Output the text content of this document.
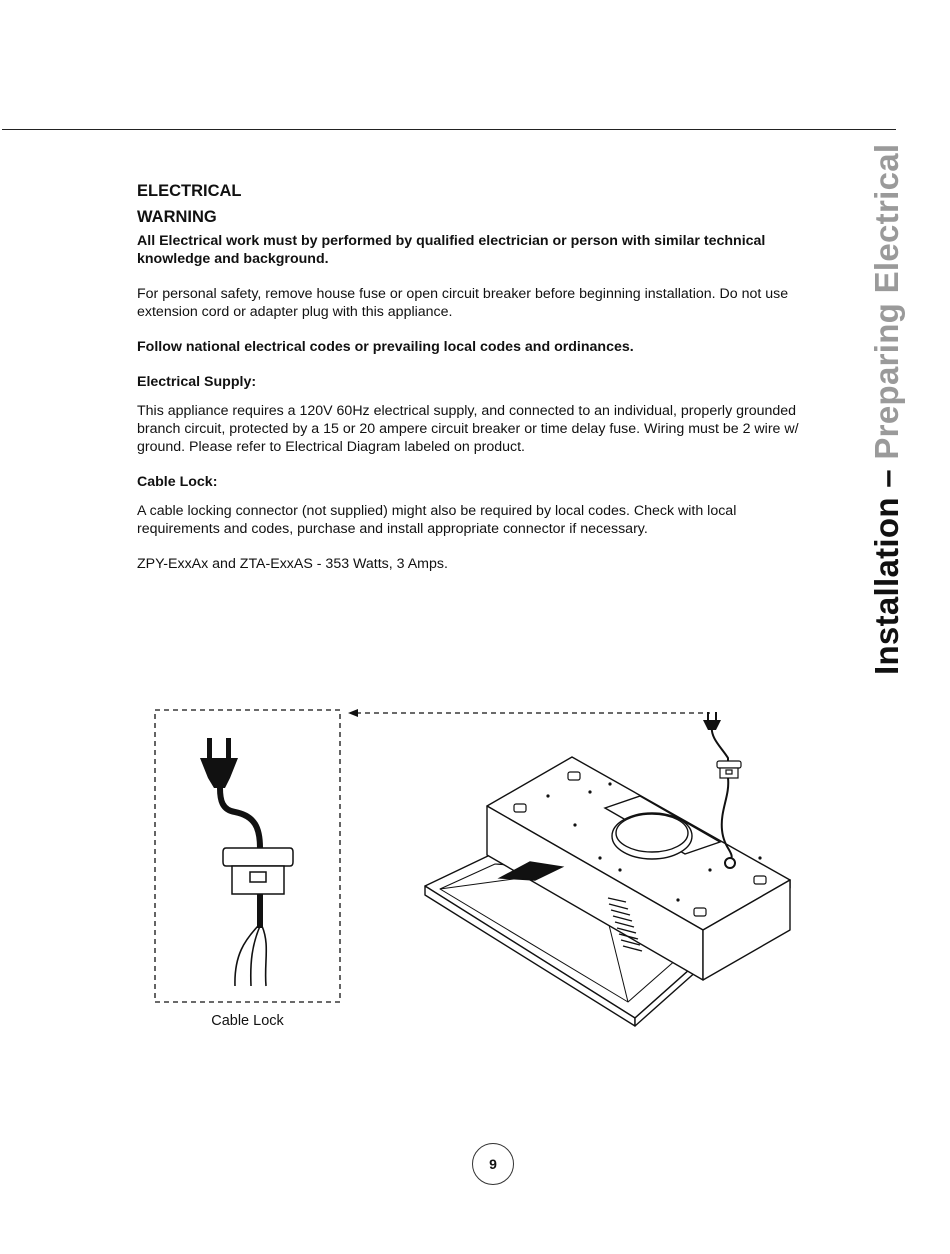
Installation – Preparing Electrical
ELECTRICAL
WARNING

All Electrical work must by performed by qualified electrician or person with similar technical knowledge and background.

For personal safety, remove house fuse or open circuit breaker before beginning installation. Do not use extension cord or adapter plug with this appliance.

Follow national electrical codes or prevailing local codes and ordinances.

Electrical Supply:

This appliance requires a 120V 60Hz electrical supply, and connected to an individual, properly grounded branch circuit, protected by a 15 or 20 ampere circuit breaker or time delay fuse. Wiring must be 2 wire w/ ground. Please refer to Electrical Diagram labeled on product.

Cable Lock:

A cable locking connector (not supplied) might also be required by local codes. Check with local requirements and codes, purchase and install appropriate connector if necessary.

ZPY-ExxAx and ZTA-ExxAS - 353 Watts, 3 Amps.

Cable Lock
9
